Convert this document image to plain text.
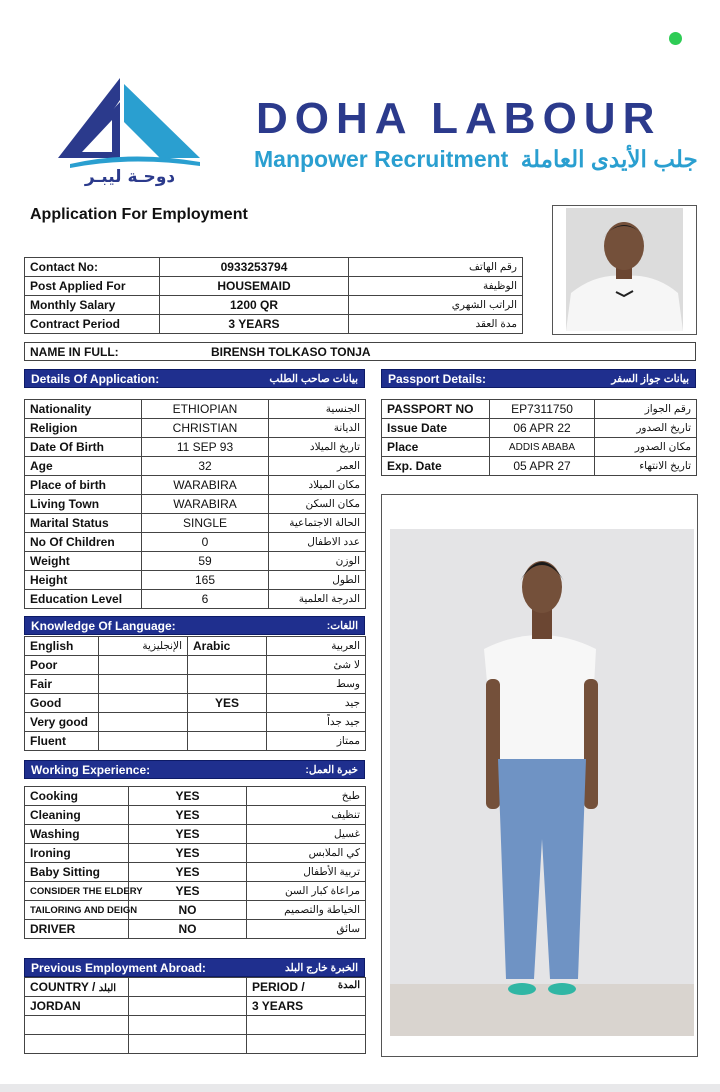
دوحـة ليبـر
DOHA LABOUR
Manpower Recruitment جلب الأيدى العاملة
Application For Employment
Contact No:	0933253794	رقم الهاتف
Post Applied For	HOUSEMAID	الوظيفة
Monthly Salary	1200 QR	الراتب الشهري
Contract Period	3 YEARS	مدة العقد
NAME IN FULL:	BIRENSH TOLKASO TONJA
Details Of Application:	بيانات صاحب الطلب
Nationality	ETHIOPIAN	الجنسية
Religion	CHRISTIAN	الديانة
Date Of Birth	11 SEP 93	تاريخ الميلاد
Age	32	العمر
Place of birth	WARABIRA	مكان الميلاد
Living Town	WARABIRA	مكان السكن
Marital Status	SINGLE	الحالة الاجتماعية
No Of Children	0	عدد الاطفال
Weight	59	الوزن
Height	165	الطول
Education Level	6	الدرجة العلمية
Passport Details:	بيانات جواز السفر
PASSPORT NO	EP7311750	رقم الجواز
Issue Date	06 APR 22	تاريخ الصدور
Place	ADDIS ABABA	مكان الصدور
Exp. Date	05 APR 27	تاريخ الانتهاء
Knowledge Of Language:	اللغات:
English	الإنجليزية	Arabic	العربية
Poor			لا شئ
Fair			وسط
Good		YES	جيد
Very good			جيد جداً
Fluent			ممتاز
Working Experience:	خبرة العمل:
Cooking	YES	طبخ
Cleaning	YES	تنظيف
Washing	YES	غسيل
Ironing	YES	كي الملابس
Baby Sitting	YES	تربية الأطفال
CONSIDER THE ELDERY	YES	مراعاة كبار السن
TAILORING AND DEIGN	NO	الخياطة والتصميم
DRIVER	NO	سائق
Previous Employment Abroad:	الخبرة خارج البلد
COUNTRY / البلد		PERIOD / المدة

JORDAN		3 YEARS
